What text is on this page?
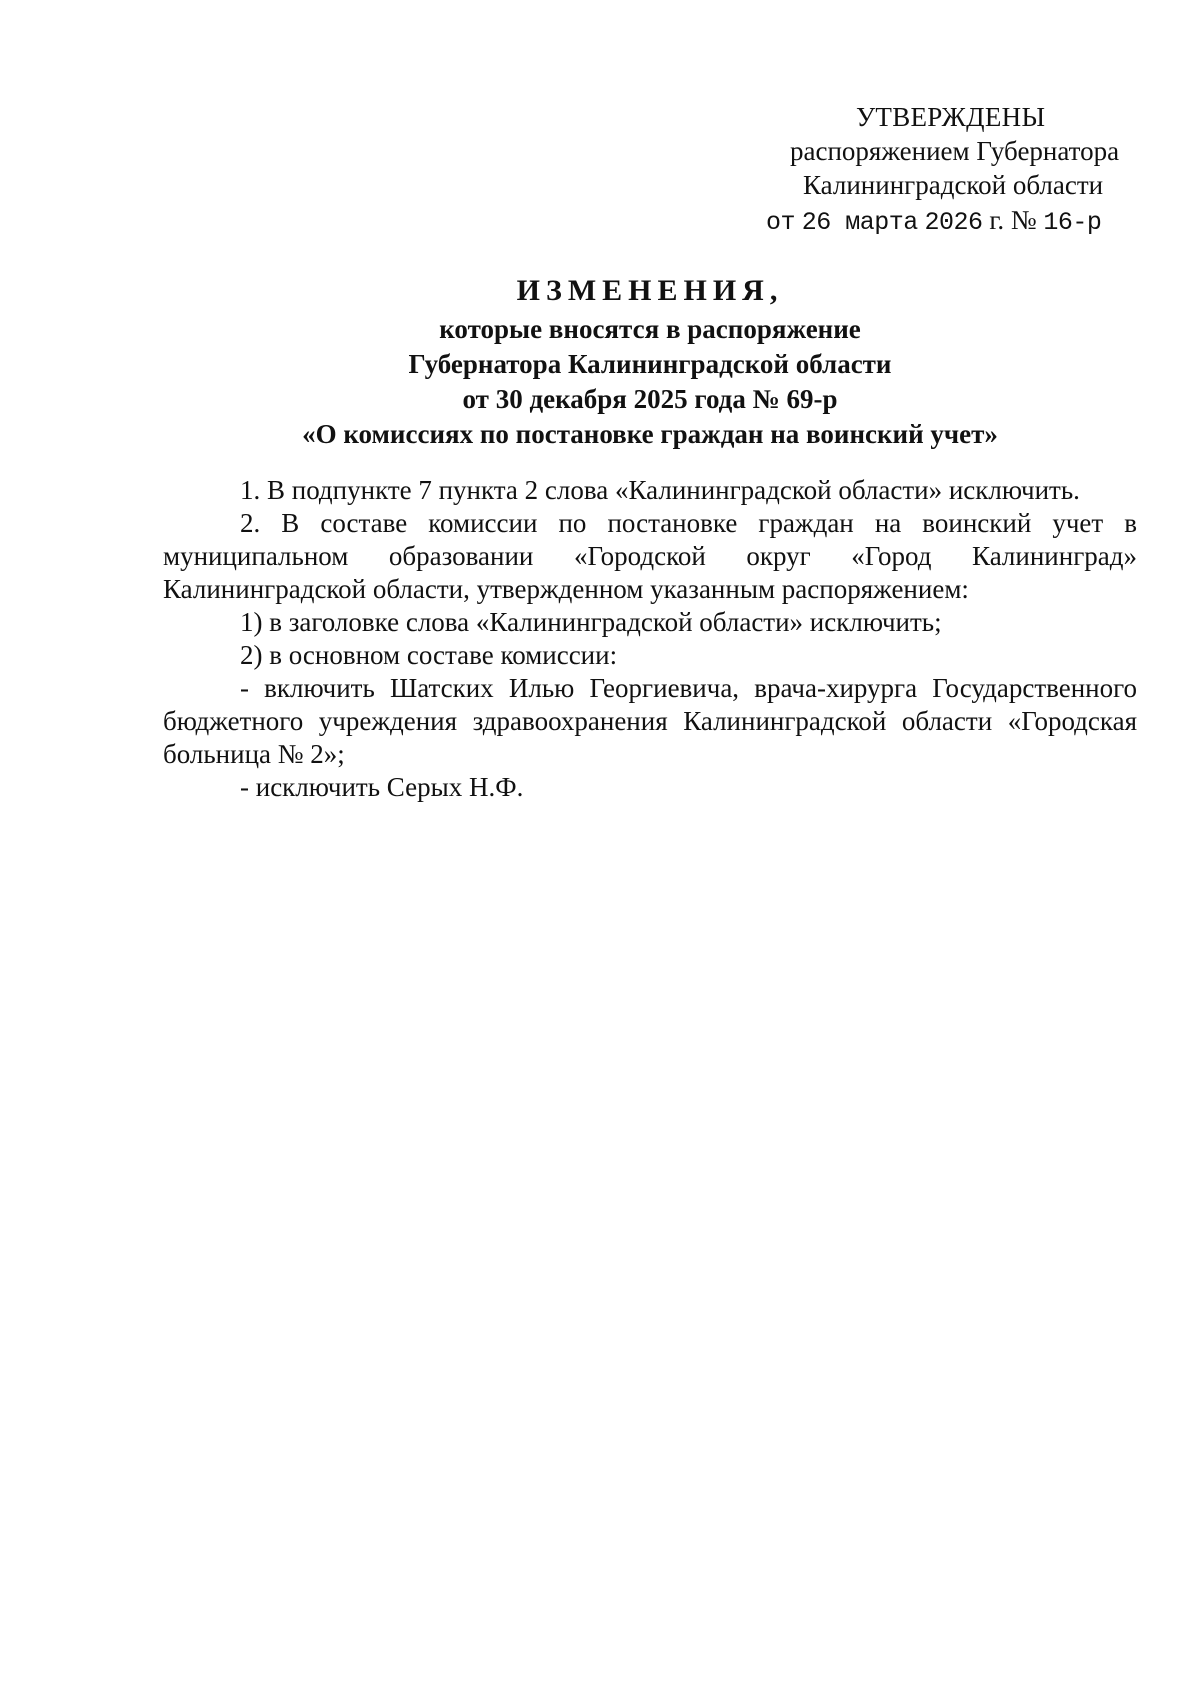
УТВЕРЖДЕНЫ
распоряжением Губернатора
Калининградской области
от 26 марта 2026 г. № 16-р
ИЗМЕНЕНИЯ,
которые вносятся в распоряжение
Губернатора Калининградской области
от 30 декабря 2025 года № 69-р
«О комиссиях по постановке граждан на воинский учет»

1. В подпункте 7 пункта 2 слова «Калининградской области» исключить.

2. В составе комиссии по постановке граждан на воинский учет в муниципальном образовании «Городской округ «Город Калининград» Калининградской области, утвержденном указанным распоряжением:

1) в заголовке слова «Калининградской области» исключить;

2) в основном составе комиссии:

- включить Шатских Илью Георгиевича, врача-хирурга Государственного бюджетного учреждения здравоохранения Калининградской области «Городская больница № 2»;

- исключить Серых Н.Ф.
